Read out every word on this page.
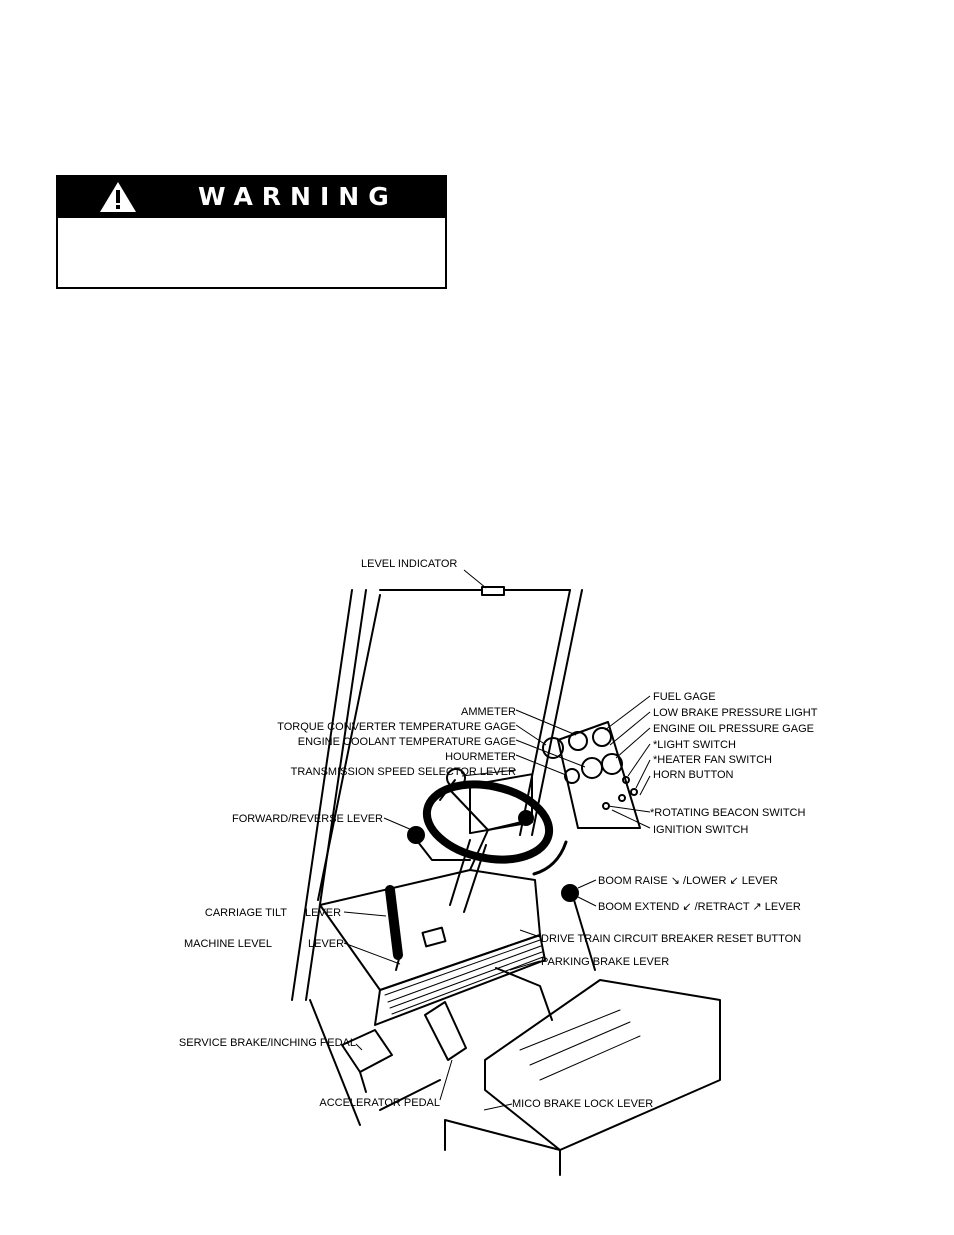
WARNING
LEVEL INDICATOR
AMMETER
TORQUE CONVERTER TEMPERATURE GAGE
ENGINE COOLANT TEMPERATURE GAGE
HOURMETER
TRANSMISSION SPEED SELECTOR LEVER
FORWARD/REVERSE LEVER
FUEL GAGE
LOW BRAKE PRESSURE LIGHT
ENGINE OIL PRESSURE GAGE
*LIGHT SWITCH
*HEATER FAN SWITCH
HORN BUTTON
*ROTATING BEACON SWITCH
IGNITION SWITCH
BOOM RAISE ↘ /LOWER ↙ LEVER
BOOM EXTEND ↙ /RETRACT ↗ LEVER
CARRIAGE TILT LEVER
MACHINE LEVEL	LEVER	DRIVE TRAIN CIRCUIT BREAKER RESET BUTTON
PARKING BRAKE LEVER
SERVICE BRAKE/INCHING PEDAL
ACCELERATOR PEDAL	MICO BRAKE LOCK LEVER
